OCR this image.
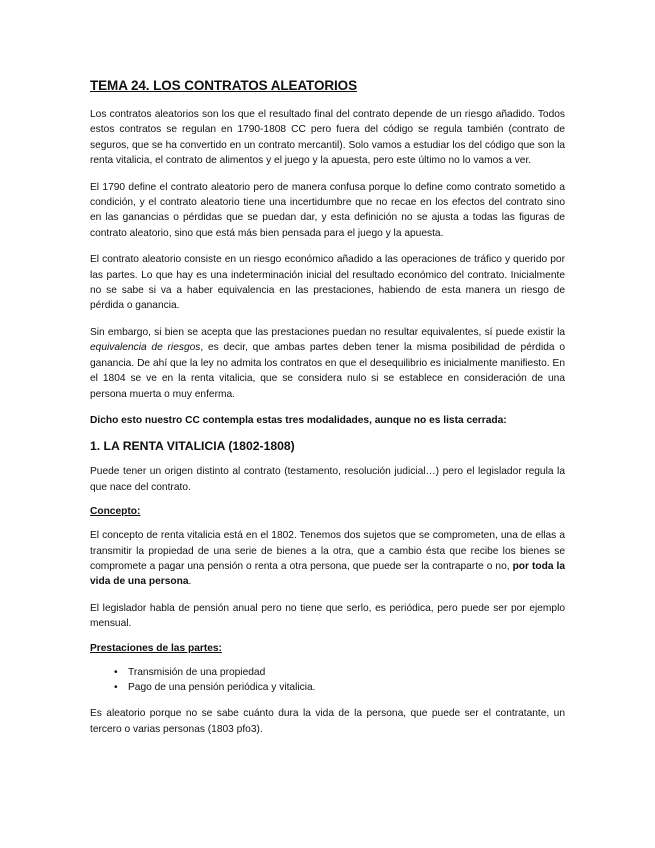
TEMA 24. LOS CONTRATOS ALEATORIOS

Los contratos aleatorios son los que el resultado final del contrato depende de un riesgo añadido. Todos estos contratos se regulan en 1790-1808 CC pero fuera del código se regula también (contrato de seguros, que se ha convertido en un contrato mercantil). Solo vamos a estudiar los del código que son la renta vitalicia, el contrato de alimentos y el juego y la apuesta, pero este último no lo vamos a ver.

El 1790 define el contrato aleatorio pero de manera confusa porque lo define como contrato sometido a condición, y el contrato aleatorio tiene una incertidumbre que no recae en los efectos del contrato sino en las ganancias o pérdidas que se puedan dar, y esta definición no se ajusta a todas las figuras de contrato aleatorio, sino que está más bien pensada para el juego y la apuesta.

El contrato aleatorio consiste en un riesgo económico añadido a las operaciones de tráfico y querido por las partes. Lo que hay es una indeterminación inicial del resultado económico del contrato. Inicialmente no se sabe si va a haber equivalencia en las prestaciones, habiendo de esta manera un riesgo de pérdida o ganancia.

Sin embargo, si bien se acepta que las prestaciones puedan no resultar equivalentes, sí puede existir la equivalencia de riesgos, es decir, que ambas partes deben tener la misma posibilidad de pérdida o ganancia. De ahí que la ley no admita los contratos en que el desequilibrio es inicialmente manifiesto. En el 1804 se ve en la renta vitalicia, que se considera nulo si se establece en consideración de una persona muerta o muy enferma.

Dicho esto nuestro CC contempla estas tres modalidades, aunque no es lista cerrada:

1. LA RENTA VITALICIA (1802-1808)

Puede tener un origen distinto al contrato (testamento, resolución judicial…) pero el legislador regula la que nace del contrato.

Concepto:

El concepto de renta vitalicia está en el 1802. Tenemos dos sujetos que se comprometen, una de ellas a transmitir la propiedad de una serie de bienes a la otra, que a cambio ésta que recibe los bienes se compromete a pagar una pensión o renta a otra persona, que puede ser la contraparte o no, por toda la vida de una persona.

El legislador habla de pensión anual pero no tiene que serlo, es periódica, pero puede ser por ejemplo mensual.

Prestaciones de las partes:
• Transmisión de una propiedad
• Pago de una pensión periódica y vitalicia.

Es aleatorio porque no se sabe cuánto dura la vida de la persona, que puede ser el contratante, un tercero o varias personas (1803 pfo3).
